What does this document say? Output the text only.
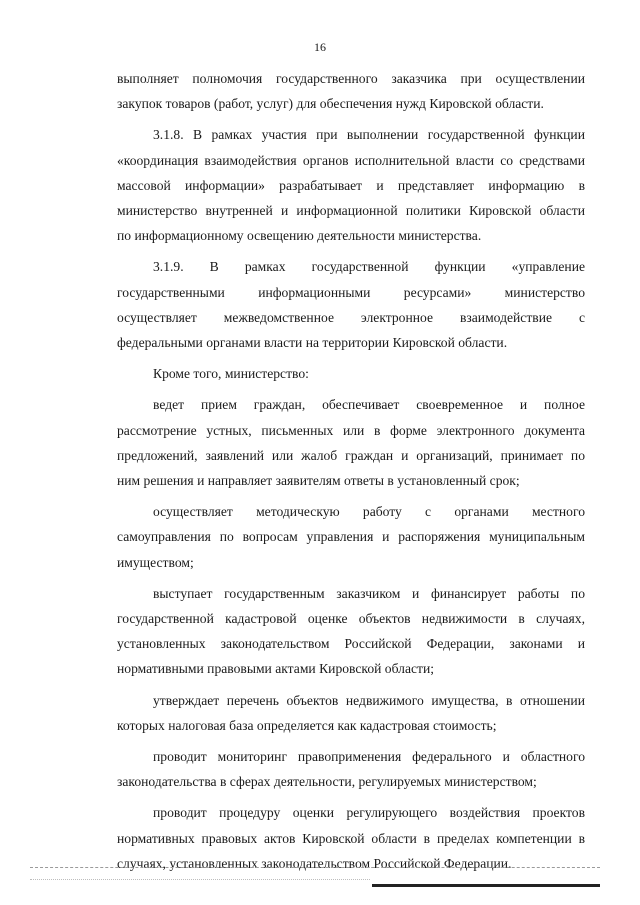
16
выполняет полномочия государственного заказчика при осуществлении
закупок товаров (работ, услуг) для обеспечения нужд Кировской области.
3.1.8. В рамках участия при выполнении государственной функции
«координация взаимодействия органов исполнительной власти со средствами
массовой информации» разрабатывает и представляет информацию в
министерство внутренней и информационной политики Кировской области
по информационному освещению деятельности министерства.
3.1.9. В рамках государственной функции «управление
государственными информационными ресурсами» министерство
осуществляет межведомственное электронное взаимодействие с
федеральными органами власти на территории Кировской области.
Кроме того, министерство:
ведет прием граждан, обеспечивает своевременное и полное
рассмотрение устных, письменных или в форме электронного документа
предложений, заявлений или жалоб граждан и организаций, принимает по
ним решения и направляет заявителям ответы в установленный срок;
осуществляет методическую работу с органами местного
самоуправления по вопросам управления и распоряжения муниципальным
имуществом;
выступает государственным заказчиком и финансирует работы по
государственной кадастровой оценке объектов недвижимости в случаях,
установленных законодательством Российской Федерации, законами и
нормативными правовыми актами Кировской области;
утверждает перечень объектов недвижимого имущества, в отношении
которых налоговая база определяется как кадастровая стоимость;
проводит мониторинг правоприменения федерального и областного
законодательства в сферах деятельности, регулируемых министерством;
проводит процедуру оценки регулирующего воздействия проектов
нормативных правовых актов Кировской области в пределах компетенции в
случаях, установленных законодательством Российской Федерации.
